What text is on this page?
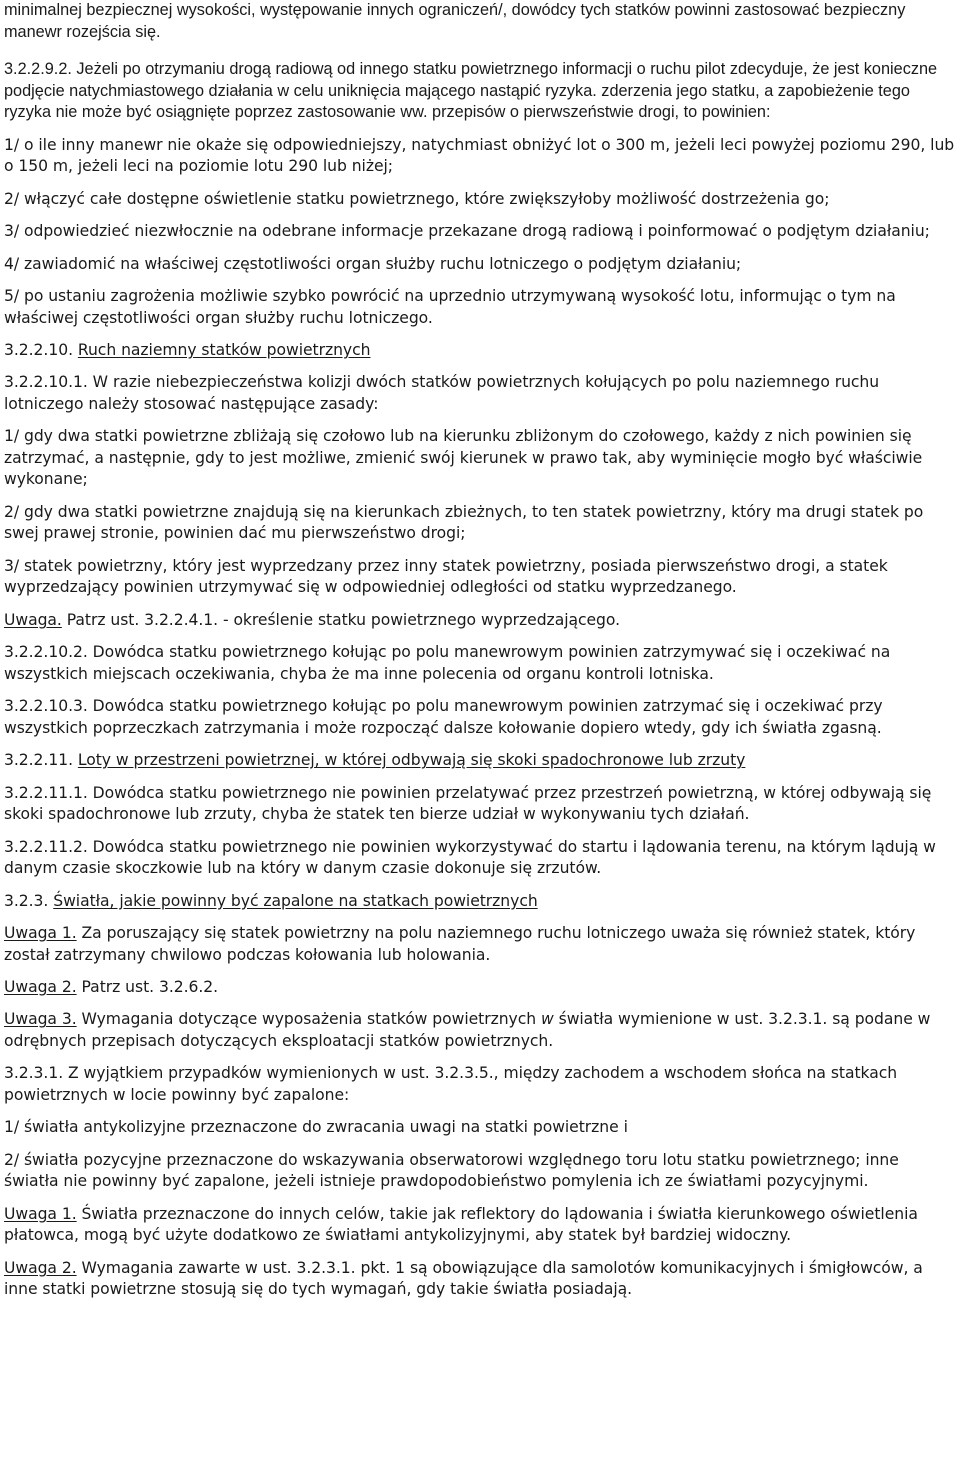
minimalnej bezpiecznej wysokości, występowanie innych ograniczeń/, dowódcy tych statków powinni zastosować bezpieczny manewr rozejścia się.

3.2.2.9.2. Jeżeli po otrzymaniu drogą radiową od innego statku powietrznego informacji o ruchu pilot zdecyduje, że jest konieczne podjęcie natychmiastowego działania w celu uniknięcia mającego nastąpić ryzyka. zderzenia jego statku, a zapobieżenie tego ryzyka nie może być osiągnięte poprzez zastosowanie ww. przepisów o pierwszeństwie drogi, to powinien:

1/ o ile inny manewr nie okaże się odpowiedniejszy, natychmiast obniżyć lot o 300 m, jeżeli leci powyżej poziomu 290, lub o 150 m, jeżeli leci na poziomie lotu 290 lub niżej;

2/ włączyć całe dostępne oświetlenie statku powietrznego, które zwiększyłoby możliwość dostrzeżenia go;

3/ odpowiedzieć niezwłocznie na odebrane informacje przekazane drogą radiową i poinformować o podjętym działaniu;

4/ zawiadomić na właściwej częstotliwości organ służby ruchu lotniczego o podjętym działaniu;

5/ po ustaniu zagrożenia możliwie szybko powrócić na uprzednio utrzymywaną wysokość lotu, informując o tym na właściwej częstotliwości organ służby ruchu lotniczego.

3.2.2.10. Ruch naziemny statków powietrznych

3.2.2.10.1. W razie niebezpieczeństwa kolizji dwóch statków powietrznych kołujących po polu naziemnego ruchu lotniczego należy stosować następujące zasady:

1/ gdy dwa statki powietrzne zbliżają się czołowo lub na kierunku zbliżonym do czołowego, każdy z nich powinien się zatrzymać, a następnie, gdy to jest możliwe, zmienić swój kierunek w prawo tak, aby wyminięcie mogło być właściwie wykonane;

2/ gdy dwa statki powietrzne znajdują się na kierunkach zbieżnych, to ten statek powietrzny, który ma drugi statek po swej prawej stronie, powinien dać mu pierwszeństwo drogi;

3/ statek powietrzny, który jest wyprzedzany przez inny statek powietrzny, posiada pierwszeństwo drogi, a statek wyprzedzający powinien utrzymywać się w odpowiedniej odległości od statku wyprzedzanego.

Uwaga. Patrz ust. 3.2.2.4.1. - określenie statku powietrznego wyprzedzającego.

3.2.2.10.2. Dowódca statku powietrznego kołując po polu manewrowym powinien zatrzymywać się i oczekiwać na wszystkich miejscach oczekiwania, chyba że ma inne polecenia od organu kontroli lotniska.

3.2.2.10.3. Dowódca statku powietrznego kołując po polu manewrowym powinien zatrzymać się i oczekiwać przy wszystkich poprzeczkach zatrzymania i może rozpocząć dalsze kołowanie dopiero wtedy, gdy ich światła zgasną.

3.2.2.11. Loty w przestrzeni powietrznej, w której odbywają się skoki spadochronowe lub zrzuty

3.2.2.11.1. Dowódca statku powietrznego nie powinien przelatywać przez przestrzeń powietrzną, w której odbywają się skoki spadochronowe lub zrzuty, chyba że statek ten bierze udział w wykonywaniu tych działań.

3.2.2.11.2. Dowódca statku powietrznego nie powinien wykorzystywać do startu i lądowania terenu, na którym lądują w danym czasie skoczkowie lub na który w danym czasie dokonuje się zrzutów.

3.2.3. Światła, jakie powinny być zapalone na statkach powietrznych

Uwaga 1. Za poruszający się statek powietrzny na polu naziemnego ruchu lotniczego uważa się również statek, który został zatrzymany chwilowo podczas kołowania lub holowania.

Uwaga 2. Patrz ust. 3.2.6.2.

Uwaga 3. Wymagania dotyczące wyposażenia statków powietrznych w światła wymienione w ust. 3.2.3.1. są podane w odrębnych przepisach dotyczących eksploatacji statków powietrznych.

3.2.3.1. Z wyjątkiem przypadków wymienionych w ust. 3.2.3.5., między zachodem a wschodem słońca na statkach powietrznych w locie powinny być zapalone:

1/ światła antykolizyjne przeznaczone do zwracania uwagi na statki powietrzne i

2/ światła pozycyjne przeznaczone do wskazywania obserwatorowi względnego toru lotu statku powietrznego; inne światła nie powinny być zapalone, jeżeli istnieje prawdopodobieństwo pomylenia ich ze światłami pozycyjnymi.

Uwaga 1. Światła przeznaczone do innych celów, takie jak reflektory do lądowania i światła kierunkowego oświetlenia płatowca, mogą być użyte dodatkowo ze światłami antykolizyjnymi, aby statek był bardziej widoczny.

Uwaga 2. Wymagania zawarte w ust. 3.2.3.1. pkt. 1 są obowiązujące dla samolotów komunikacyjnych i śmigłowców, a inne statki powietrzne stosują się do tych wymagań, gdy takie światła posiadają.
